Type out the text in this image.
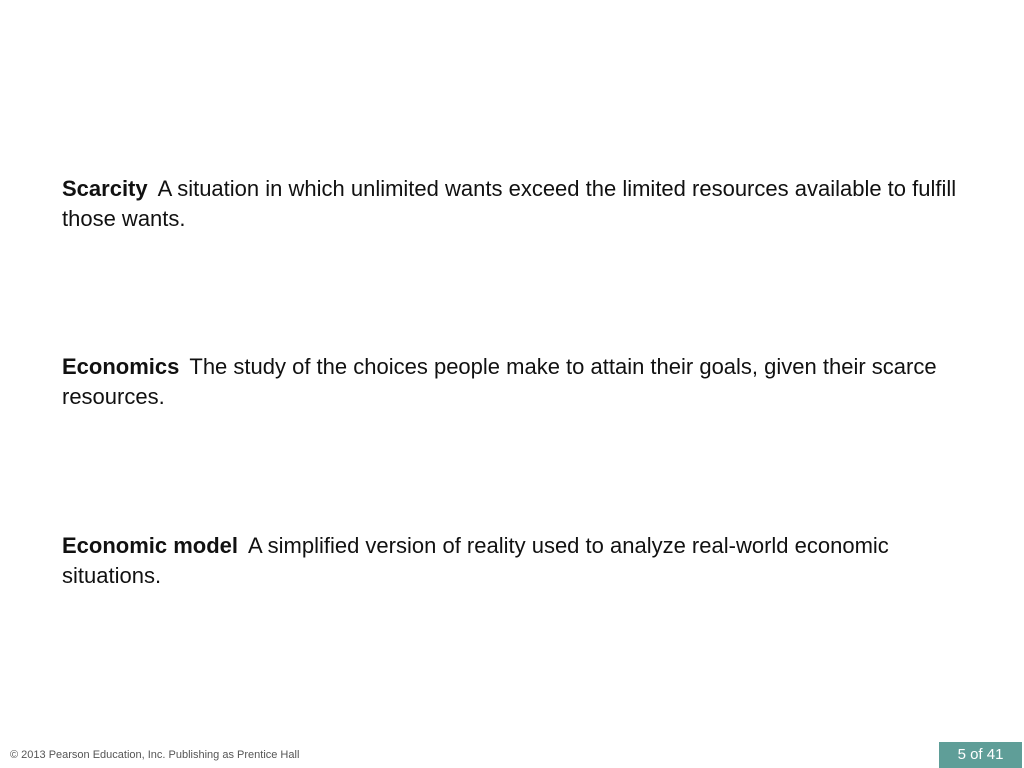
Scarcity A situation in which unlimited wants exceed the limited resources available to fulfill those wants.

Economics The study of the choices people make to attain their goals, given their scarce resources.

Economic model A simplified version of reality used to analyze real-world economic situations.

© 2013 Pearson Education, Inc. Publishing as Prentice Hall	5 of 41
